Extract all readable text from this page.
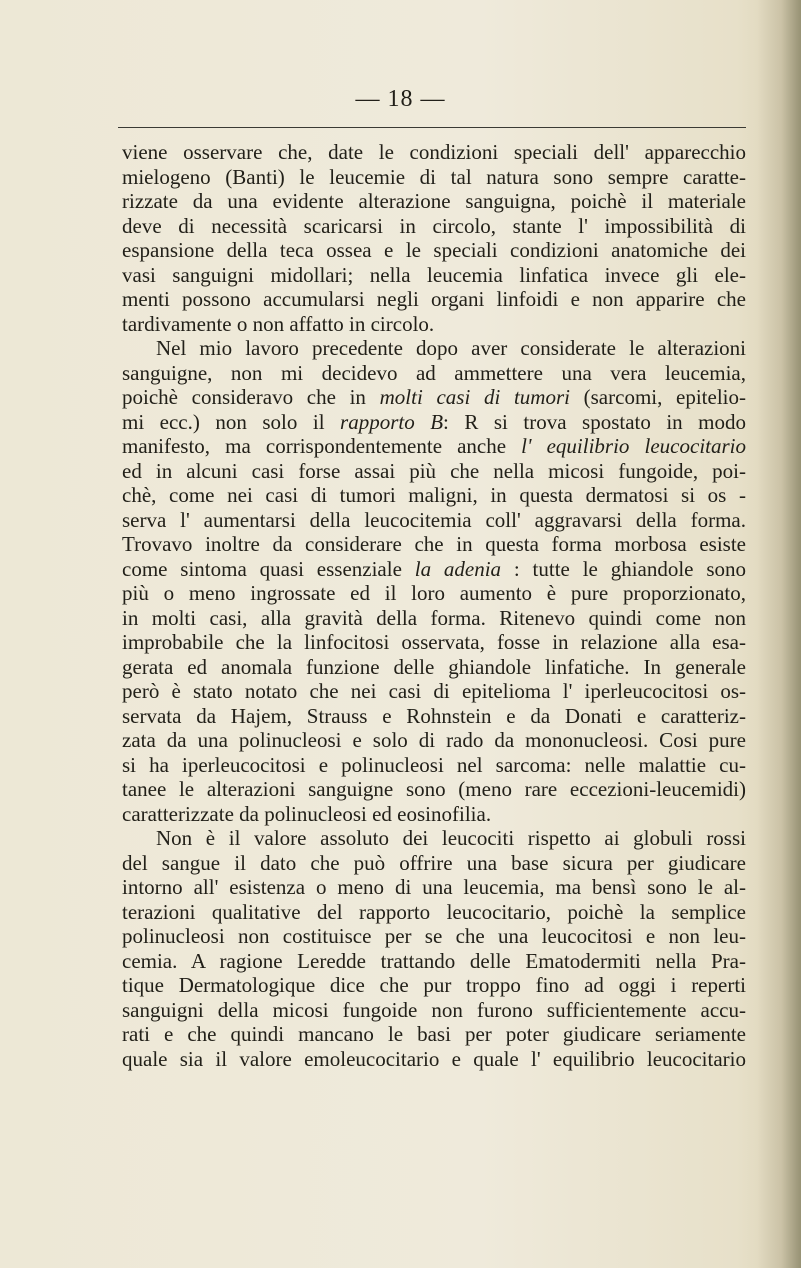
— 18 —
viene osservare che, date le condizioni speciali dell' apparecchio
mielogeno (Banti) le leucemie di tal natura sono sempre caratte-
rizzate da una evidente alterazione sanguigna, poichè il materiale
deve di necessità scaricarsi in circolo, stante l' impossibilità di
espansione della teca ossea e le speciali condizioni anatomiche dei
vasi sanguigni midollari; nella leucemia linfatica invece gli ele-
menti possono accumularsi negli organi linfoidi e non apparire che
tardivamente o non affatto in circolo.
Nel mio lavoro precedente dopo aver considerate le alterazioni
sanguigne, non mi decidevo ad ammettere una vera leucemia,
poichè consideravo che in molti casi di tumori (sarcomi, epitelio-
mi ecc.) non solo il rapporto B: R si trova spostato in modo
manifesto, ma corrispondentemente anche l' equilibrio leucocitario
ed in alcuni casi forse assai più che nella micosi fungoide, poi-
chè, come nei casi di tumori maligni, in questa dermatosi si os -
serva l' aumentarsi della leucocitemia coll' aggravarsi della forma.
Trovavo inoltre da considerare che in questa forma morbosa esiste
come sintoma quasi essenziale la adenia : tutte le ghiandole sono
più o meno ingrossate ed il loro aumento è pure proporzionato,
in molti casi, alla gravità della forma. Ritenevo quindi come non
improbabile che la linfocitosi osservata, fosse in relazione alla esa-
gerata ed anomala funzione delle ghiandole linfatiche. In generale
però è stato notato che nei casi di epitelioma l' iperleucocitosi os-
servata da Hajem, Strauss e Rohnstein e da Donati e caratteriz-
zata da una polinucleosi e solo di rado da mononucleosi. Cosi pure
si ha iperleucocitosi e polinucleosi nel sarcoma: nelle malattie cu-
tanee le alterazioni sanguigne sono (meno rare eccezioni-leucemidi)
caratterizzate da polinucleosi ed eosinofilia.
Non è il valore assoluto dei leucociti rispetto ai globuli rossi
del sangue il dato che può offrire una base sicura per giudicare
intorno all' esistenza o meno di una leucemia, ma bensì sono le al-
terazioni qualitative del rapporto leucocitario, poichè la semplice
polinucleosi non costituisce per se che una leucocitosi e non leu-
cemia. A ragione Leredde trattando delle Ematodermiti nella Pra-
tique Dermatologique dice che pur troppo fino ad oggi i reperti
sanguigni della micosi fungoide non furono sufficientemente accu-
rati e che quindi mancano le basi per poter giudicare seriamente
quale sia il valore emoleucocitario e quale l' equilibrio leucocitario
